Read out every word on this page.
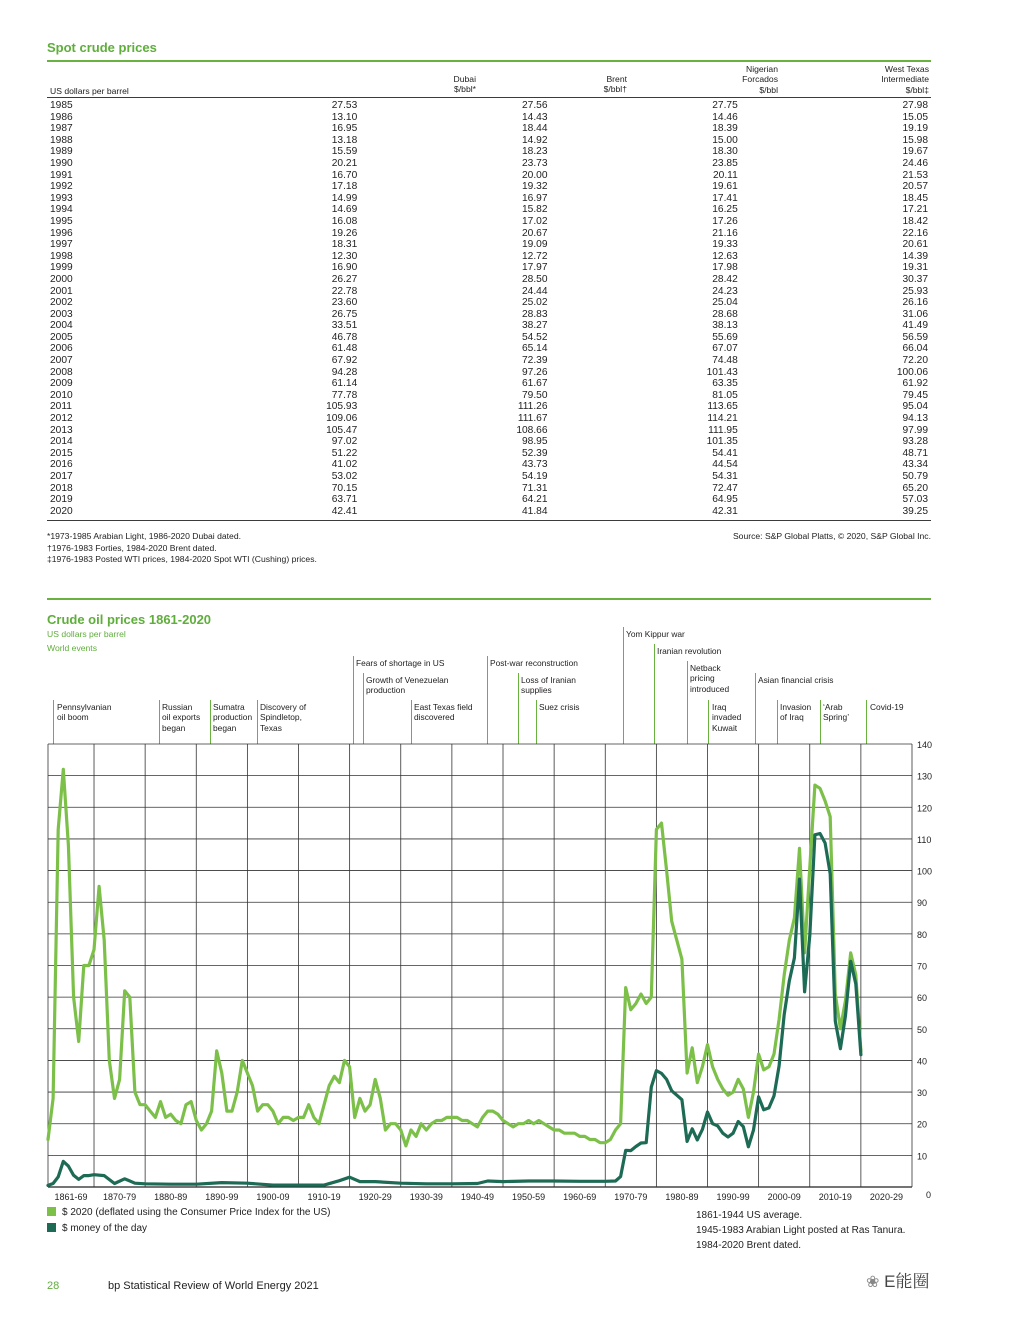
Spot crude prices
US dollars per barrel
Dubai
$/bbl*
Brent
$/bbl†
Nigerian
Forcados
$/bbl
West Texas
Intermediate
$/bbl‡
1985	27.53	27.56	27.75	27.98
1986	13.10	14.43	14.46	15.05
1987	16.95	18.44	18.39	19.19
1988	13.18	14.92	15.00	15.98
1989	15.59	18.23	18.30	19.67
1990	20.21	23.73	23.85	24.46
1991	16.70	20.00	20.11	21.53
1992	17.18	19.32	19.61	20.57
1993	14.99	16.97	17.41	18.45
1994	14.69	15.82	16.25	17.21
1995	16.08	17.02	17.26	18.42
1996	19.26	20.67	21.16	22.16
1997	18.31	19.09	19.33	20.61
1998	12.30	12.72	12.63	14.39
1999	16.90	17.97	17.98	19.31
2000	26.27	28.50	28.42	30.37
2001	22.78	24.44	24.23	25.93
2002	23.60	25.02	25.04	26.16
2003	26.75	28.83	28.68	31.06
2004	33.51	38.27	38.13	41.49
2005	46.78	54.52	55.69	56.59
2006	61.48	65.14	67.07	66.04
2007	67.92	72.39	74.48	72.20
2008	94.28	97.26	101.43	100.06
2009	61.14	61.67	63.35	61.92
2010	77.78	79.50	81.05	79.45
2011	105.93	111.26	113.65	95.04
2012	109.06	111.67	114.21	94.13
2013	105.47	108.66	111.95	97.99
2014	97.02	98.95	101.35	93.28
2015	51.22	52.39	54.41	48.71
2016	41.02	43.73	44.54	43.34
2017	53.02	54.19	54.31	50.79
2018	70.15	71.31	72.47	65.20
2019	63.71	64.21	64.95	57.03
2020	42.41	41.84	42.31	39.25
*1973-1985 Arabian Light, 1986-2020 Dubai dated.
†1976-1983 Forties, 1984-2020 Brent dated.
‡1976-1983 Posted WTI prices, 1984-2020 Spot WTI (Cushing) prices.
Source: S&P Global Platts, © 2020, S&P Global Inc.
Crude oil prices 1861-2020
US dollars per barrel
World events
Pennsylvanian
oil boom
Russian
oil exports
began
Sumatra
production
began
Discovery of
Spindletop,
Texas
Fears of shortage in US
Growth of Venezuelan
production
East Texas field
discovered
Post-war reconstruction
Loss of Iranian
supplies
Suez crisis
Yom Kippur war
Iranian revolution
Netback
pricing
introduced
Iraq
invaded
Kuwait
Asian financial crisis
Invasion
of Iraq
‘Arab
Spring’
Covid-19
0
10
20
30
40
50
60
70
80
90
100
110
120
130
140
1861-69 1870-79 1880-89 1890-99 1900-09 1910-19 1920-29 1930-39 1940-49 1950-59 1960-69 1970-79 1980-89 1990-99 2000-09 2010-19 2020-29
$ 2020 (deflated using the Consumer Price Index for the US)
$ money of the day
1861-1944 US average.
1945-1983 Arabian Light posted at Ras Tanura.
1984-2020 Brent dated.
28	bp Statistical Review of World Energy 2021	❀ E能圈
